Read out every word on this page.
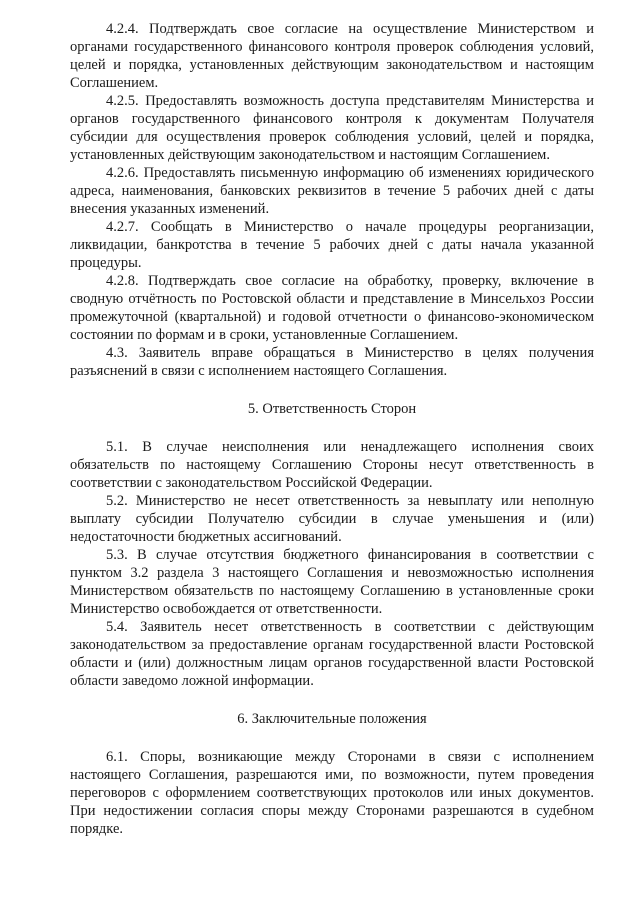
4.2.4. Подтверждать свое согласие на осуществление Министерством и органами государственного финансового контроля проверок соблюдения условий, целей и порядка, установленных действующим законодательством и настоящим Соглашением.

4.2.5. Предоставлять возможность доступа представителям Министерства и органов государственного финансового контроля к документам Получателя субсидии для осуществления проверок соблюдения условий, целей и порядка, установленных действующим законодательством и настоящим Соглашением.

4.2.6. Предоставлять письменную информацию об изменениях юридического адреса, наименования, банковских реквизитов в течение 5 рабочих дней с даты внесения указанных изменений.

4.2.7. Сообщать в Министерство о начале процедуры реорганизации, ликвидации, банкротства в течение 5 рабочих дней с даты начала указанной процедуры.

4.2.8. Подтверждать свое согласие на обработку, проверку, включение в сводную отчётность по Ростовской области и представление в Минсельхоз России промежуточной (квартальной) и годовой отчетности о финансово-экономическом состоянии по формам и в сроки, установленные Соглашением.

4.3. Заявитель вправе обращаться в Министерство в целях получения разъяснений в связи с исполнением настоящего Соглашения.

5. Ответственность Сторон

5.1. В случае неисполнения или ненадлежащего исполнения своих обязательств по настоящему Соглашению Стороны несут ответственность в соответствии с законодательством Российской Федерации.

5.2. Министерство не несет ответственность за невыплату или неполную выплату субсидии Получателю субсидии в случае уменьшения и (или) недостаточности бюджетных ассигнований.

5.3. В случае отсутствия бюджетного финансирования в соответствии с пунктом 3.2 раздела 3 настоящего Соглашения и невозможностью исполнения Министерством обязательств по настоящему Соглашению в установленные сроки Министерство освобождается от ответственности.

5.4. Заявитель несет ответственность в соответствии с действующим законодательством за предоставление органам государственной власти Ростовской области и (или) должностным лицам органов государственной власти Ростовской области заведомо ложной информации.

6. Заключительные положения

6.1. Споры, возникающие между Сторонами в связи с исполнением настоящего Соглашения, разрешаются ими, по возможности, путем проведения переговоров с оформлением соответствующих протоколов или иных документов. При недостижении согласия споры между Сторонами разрешаются в судебном порядке.
